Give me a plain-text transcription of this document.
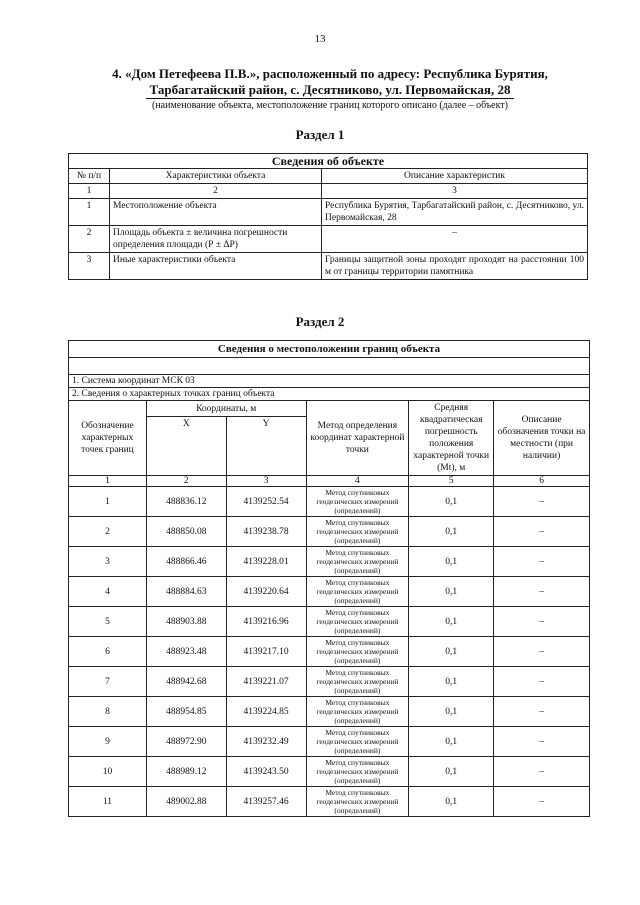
13
4. «Дом Петефеева П.В.», расположенный по адресу: Республика Бурятия,
Тарбагатайский район, с. Десятниково, ул. Первомайская, 28
(наименование объекта, местоположение границ которого описано (далее – объект)
Раздел 1
Сведения об объекте		
№ п/п	Характеристики объекта	Описание характеристик
1	2	3
1	Местоположение объекта	Республика Бурятия, Тарбагатайский район, с. Десятниково, ул. Первомайская, 28
2	Площадь объекта ± величина погрешности определения площади (Р ± ΔР)	–
3	Иные характеристики объекта	Границы защитной зоны проходят проходят на расстоянии 100 м от границы территории памятника
Раздел 2
Сведения о местоположении границ объекта					

1. Система координат МСК 03					
2. Сведения о характерных точках границ объекта					
Обозначение характерных точек границ	Координаты, м		Метод определения координат характерной точки	Средняя квадратическая погрешность положения характерной точки (Мt), м	Описание обозначения точки на местности (при наличии)
	X	Y			
1	2	3	4	5	6
1	488836.12	4139252.54	Метод спутниковых геодезических измерений (определений)	0,1	–
2	488850.08	4139238.78	Метод спутниковых геодезических измерений (определений)	0,1	–
3	488866.46	4139228.01	Метод спутниковых геодезических измерений (определений)	0,1	–
4	488884.63	4139220.64	Метод спутниковых геодезических измерений (определений)	0,1	–
5	488903.88	4139216.96	Метод спутниковых геодезических измерений (определений)	0,1	–
6	488923.48	4139217.10	Метод спутниковых геодезических измерений (определений)	0,1	–
7	488942.68	4139221.07	Метод спутниковых геодезических измерений (определений)	0,1	–
8	488954.85	4139224.85	Метод спутниковых геодезических измерений (определений)	0,1	–
9	488972.90	4139232.49	Метод спутниковых геодезических измерений (определений)	0,1	–
10	488989.12	4139243.50	Метод спутниковых геодезических измерений (определений)	0,1	–
11	489002.88	4139257.46	Метод спутниковых геодезических измерений (определений)	0,1	–
